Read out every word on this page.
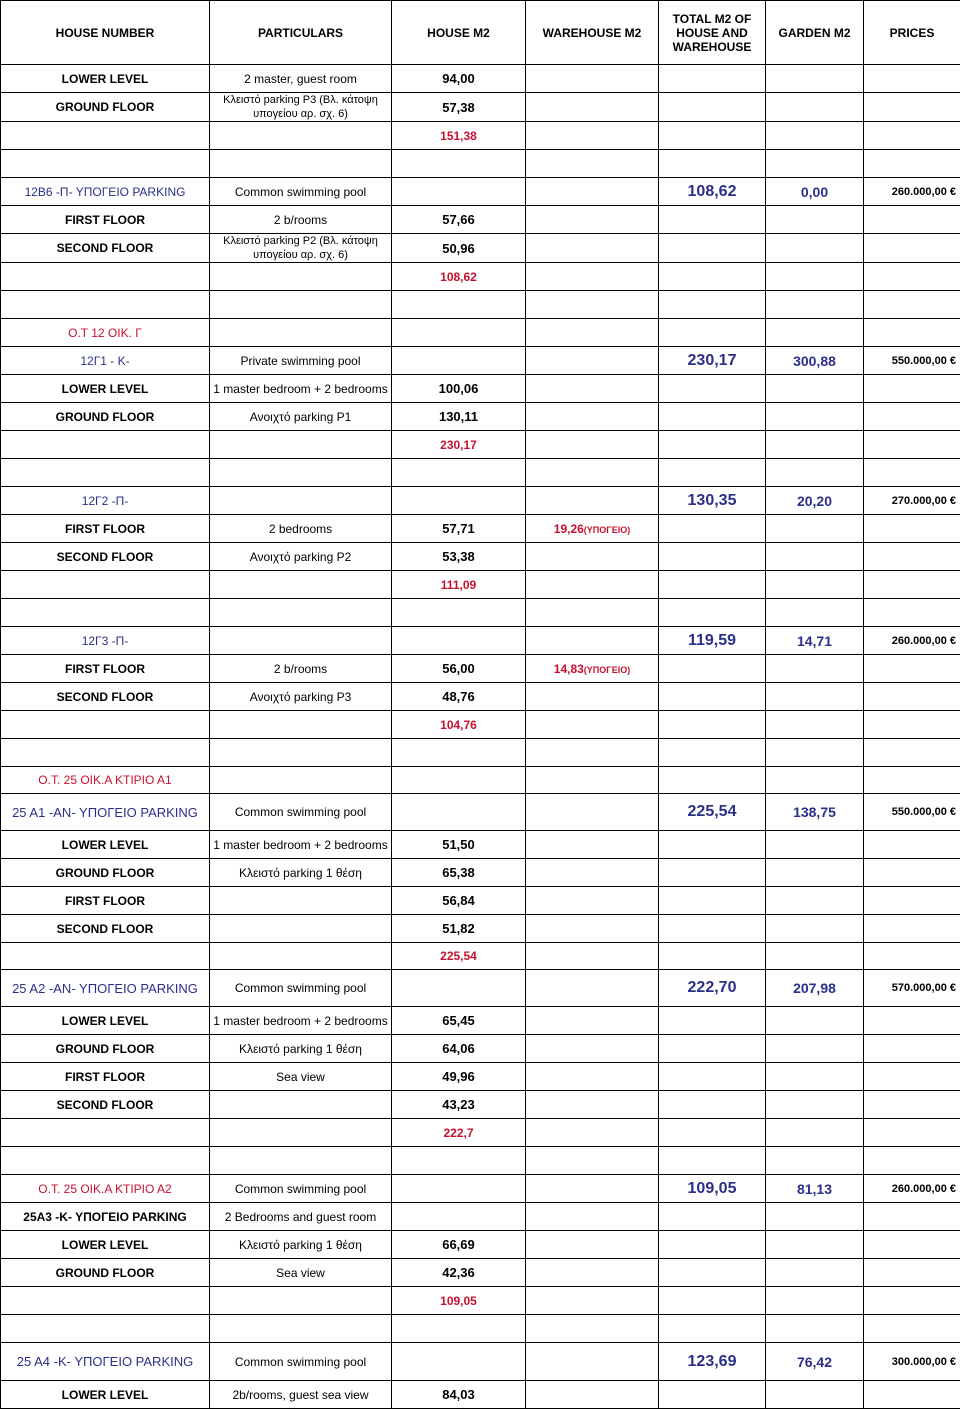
HOUSE NUMBER	PARTICULARS	HOUSE M2	WAREHOUSE M2	TOTAL M2 OF HOUSE AND WAREHOUSE	GARDEN M2	PRICES
LOWER LEVEL	2 master, guest room	94,00				
GROUND FLOOR	Κλειστό parking P3 (Βλ. κάτοψη υπογείου αρ. σχ. 6)	57,38				
		151,38				

12Β6 -Π- ΥΠΟΓΕΙΟ PARKING	Common swimming pool			108,62	0,00	260.000,00 €
FIRST FLOOR	2 b/rooms	57,66				
SECOND FLOOR	Κλειστό parking P2 (Βλ. κάτοψη υπογείου αρ. σχ. 6)	50,96				
		108,62				

Ο.Τ 12 ΟΙΚ. Γ						
12Γ1 - Κ-	Private swimming pool			230,17	300,88	550.000,00 €
LOWER LEVEL	1 master bedroom + 2 bedrooms	100,06				
GROUND FLOOR	Ανοιχτό parking P1	130,11				
		230,17				

12Γ2 -Π-				130,35	20,20	270.000,00 €
FIRST FLOOR	2 bedrooms	57,71	19,26(ΥΠΟΓΕΙΟ)			
SECOND FLOOR	Ανοιχτό parking P2	53,38				
		111,09				

12Γ3 -Π-				119,59	14,71	260.000,00 €
FIRST FLOOR	2 b/rooms	56,00	14,83(ΥΠΟΓΕΙΟ)			
SECOND FLOOR	Ανοιχτό parking P3	48,76				
		104,76				

Ο.Τ. 25 ΟΙΚ.Α ΚΤΙΡΙΟ Α1						
25 Α1 -ΑΝ- ΥΠΟΓΕΙΟ PARKING	Common swimming pool			225,54	138,75	550.000,00 €
LOWER LEVEL	1 master bedroom + 2 bedrooms	51,50				
GROUND FLOOR	Κλειστό parking 1 θέση	65,38				
FIRST FLOOR		56,84				
SECOND FLOOR		51,82				
		225,54				
25 Α2 -ΑΝ- ΥΠΟΓΕΙΟ PARKING	Common swimming pool			222,70	207,98	570.000,00 €
LOWER LEVEL	1 master bedroom + 2 bedrooms	65,45				
GROUND FLOOR	Κλειστό parking 1 θέση	64,06				
FIRST FLOOR	Sea view	49,96				
SECOND FLOOR		43,23				
		222,7				

Ο.Τ. 25 ΟΙΚ.Α ΚΤΙΡΙΟ Α2	Common swimming pool			109,05	81,13	260.000,00 €
25Α3 -Κ- ΥΠΟΓΕΙΟ PARKING	2 Bedrooms and guest room					
LOWER LEVEL	Κλειστό parking 1 θέση	66,69				
GROUND FLOOR	Sea view	42,36				
		109,05				

25 Α4 -Κ- ΥΠΟΓΕΙΟ PARKING	Common swimming pool			123,69	76,42	300.000,00 €
LOWER LEVEL	2b/rooms, guest sea view	84,03				
